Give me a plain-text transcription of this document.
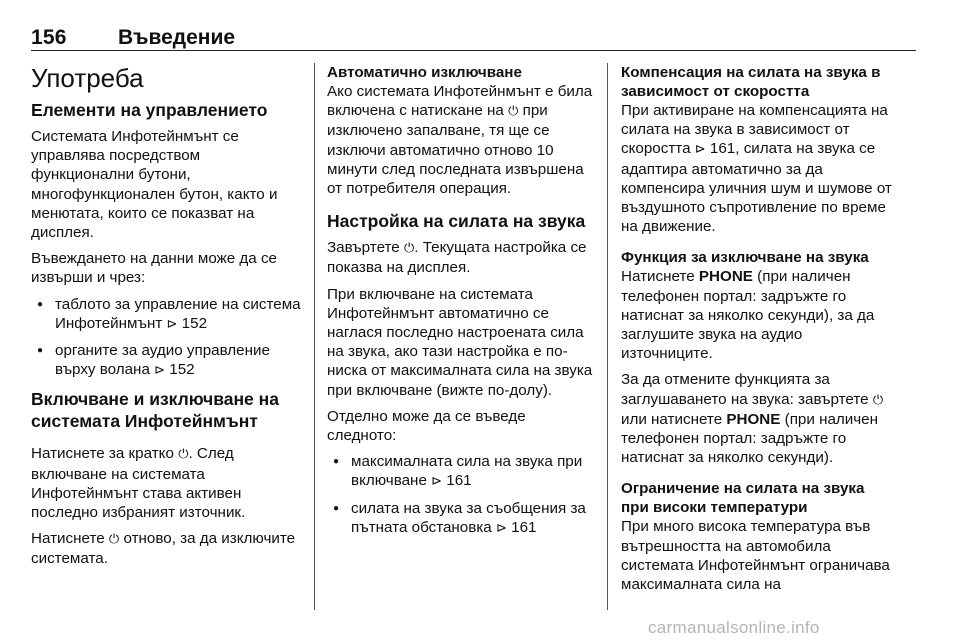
156 Въведение
Употреба
Елементи на управлението

Системата Инфотейнмънт се управлява посредством функционални бутони, многофункционален бутон, както и менютата, които се показват на дисплея.

Въвеждането на данни може да се извърши и чрез:

● таблото за управление на система Инфотейнмънт ⊳ 152
● органите за аудио управление върху волана ⊳ 152
Включване и изключване на системата Инфотейнмънт

Натиснете за кратко ⏻. След включване на системата Инфотейнмънт става активен последно избраният източник.

Натиснете ⏻ отново, за да изключите системата.

Автоматично изключване

Ако системата Инфотейнмънт е била включена с натискане на ⏻ при изключено запалване, тя ще се изключи автоматично отново 10 минути след последната извършена от потребителя операция.

Настройка на силата на звука

Завъртете ⏻. Текущата настройка се показва на дисплея.

При включване на системата Инфотейнмънт автоматично се наглася последно настроената сила на звука, ако тази настройка е по-ниска от максималната сила на звука при включване (вижте по-долу).

Отделно може да се въведе следното:

● максималната сила на звука при включване ⊳ 161
● силата на звука за съобщения за пътната обстановка ⊳ 161
Компенсация на силата на звука в зависимост от скоростта

При активиране на компенсацията на силата на звука в зависимост от скоростта ⊳ 161, силата на звука се адаптира автоматично за да компенсира уличния шум и шумове от въздушното съпротивление по време на движение.

Функция за изключване на звука

Натиснете PHONE (при наличен телефонен портал: задръжте го натиснат за няколко секунди), за да заглушите звука на аудио източниците.

За да отмените функцията за заглушаването на звука: завъртете ⏻ или натиснете PHONE (при наличен телефонен портал: задръжте го натиснат за няколко секунди).

Ограничение на силата на звука при високи температури

При много висока температура във вътрешността на автомобила системата Инфотейнмънт ограничава максималната сила на

carmanualsonline.info
